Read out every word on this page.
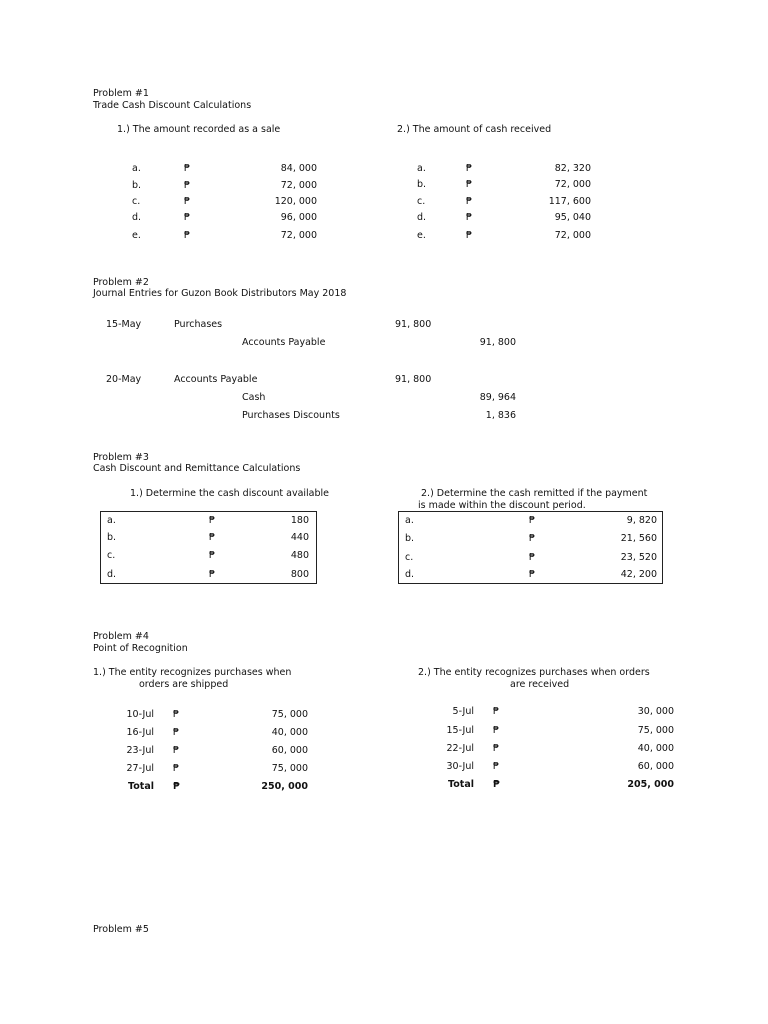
Problem #1
Trade Cash Discount Calculations
1.) The amount recorded as a sale	2.) The amount of cash received
a.	₱	84, 000
b.	₱	72, 000
c.	₱	120, 000
d.	₱	96, 000
e.	₱	72, 000
a.	₱	82, 320
b.	₱	72, 000
c.	₱	117, 600
d.	₱	95, 040
e.	₱	72, 000
Problem #2
Journal Entries for Guzon Book Distributors May 2018
15-May	Purchases	91, 800
Accounts Payable	91, 800
20-May	Accounts Payable	91, 800
Cash	89, 964
Purchases Discounts	1, 836
Problem #3
Cash Discount and Remittance Calculations
1.) Determine the cash discount available	2.) Determine the cash remitted if the payment
is made within the discount period.
a.	₱	180
b.	₱	440
c.	₱	480
d.	₱	800
a.	₱	9, 820
b.	₱	21, 560
c.	₱	23, 520
d.	₱	42, 200
Problem #4
Point of Recognition
1.) The entity recognizes purchases when
orders are shipped
2.) The entity recognizes purchases when orders
are received
10-Jul ₱	75, 000
16-Jul ₱	40, 000
23-Jul ₱	60, 000
27-Jul ₱	75, 000
Total ₱	250, 000
5-Jul ₱	30, 000
15-Jul ₱	75, 000
22-Jul ₱	40, 000
30-Jul ₱	60, 000
Total ₱	205, 000
Problem #5
